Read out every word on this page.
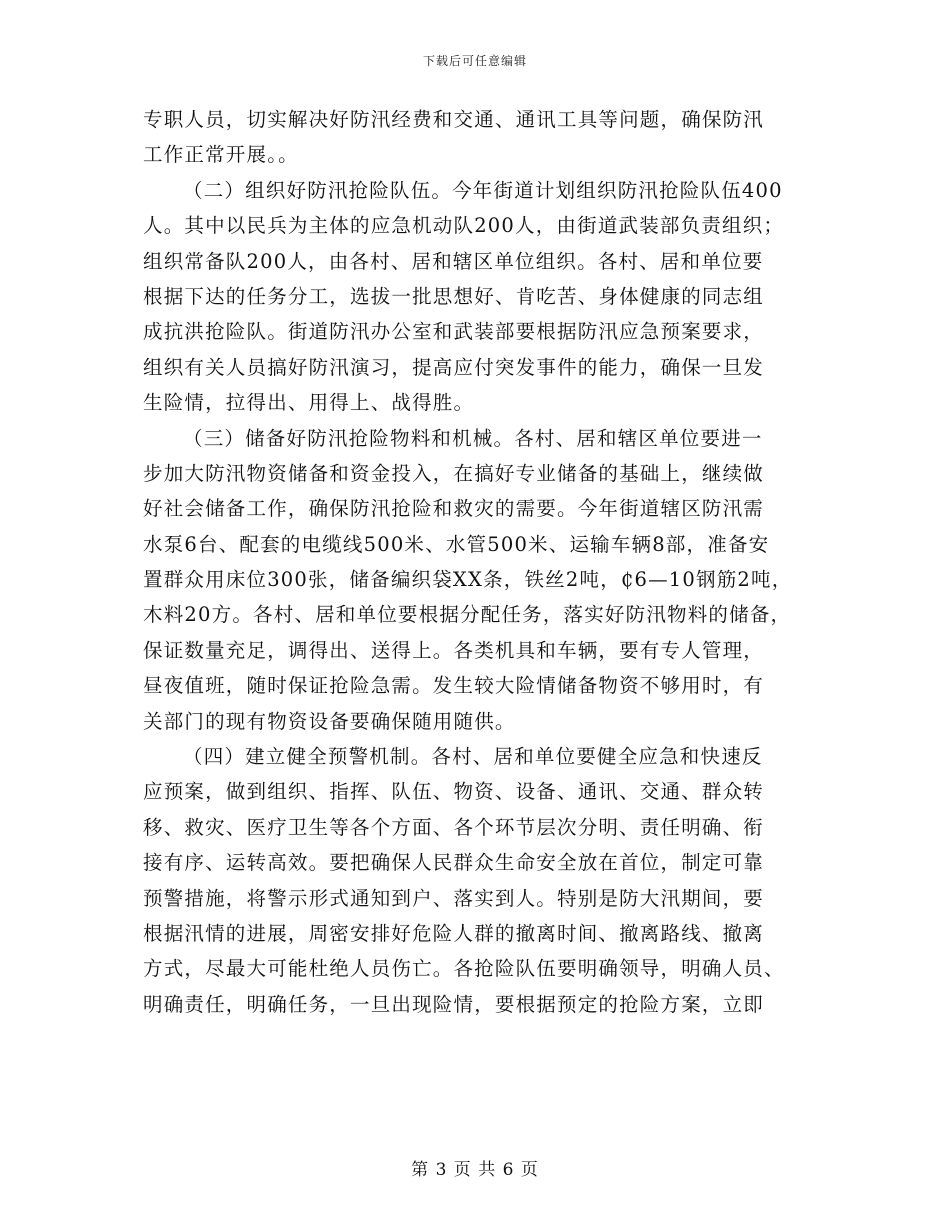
下载后可任意编辑
专职人员，切实解决好防汛经费和交通、通讯工具等问题，确保防汛
工作正常开展。。
（二）组织好防汛抢险队伍。今年街道计划组织防汛抢险队伍400
人。其中以民兵为主体的应急机动队200人，由街道武装部负责组织；
组织常备队200人，由各村、居和辖区单位组织。各村、居和单位要
根据下达的任务分工，选拔一批思想好、肯吃苦、身体健康的同志组
成抗洪抢险队。街道防汛办公室和武装部要根据防汛应急预案要求，
组织有关人员搞好防汛演习，提高应付突发事件的能力，确保一旦发
生险情，拉得出、用得上、战得胜。
（三）储备好防汛抢险物料和机械。各村、居和辖区单位要进一
步加大防汛物资储备和资金投入，在搞好专业储备的基础上，继续做
好社会储备工作，确保防汛抢险和救灾的需要。今年街道辖区防汛需
水泵6台、配套的电缆线500米、水管500米、运输车辆8部，准备安
置群众用床位300张，储备编织袋XX条，铁丝2吨，₵6—10钢筋2吨，
木料20方。各村、居和单位要根据分配任务，落实好防汛物料的储备，
保证数量充足，调得出、送得上。各类机具和车辆，要有专人管理，
昼夜值班，随时保证抢险急需。发生较大险情储备物资不够用时，有
关部门的现有物资设备要确保随用随供。
（四）建立健全预警机制。各村、居和单位要健全应急和快速反
应预案，做到组织、指挥、队伍、物资、设备、通讯、交通、群众转
移、救灾、医疗卫生等各个方面、各个环节层次分明、责任明确、衔
接有序、运转高效。要把确保人民群众生命安全放在首位，制定可靠
预警措施，将警示形式通知到户、落实到人。特别是防大汛期间，要
根据汛情的进展，周密安排好危险人群的撤离时间、撤离路线、撤离
方式，尽最大可能杜绝人员伤亡。各抢险队伍要明确领导，明确人员、
明确责任，明确任务，一旦出现险情，要根据预定的抢险方案，立即
第 3 页 共 6 页
